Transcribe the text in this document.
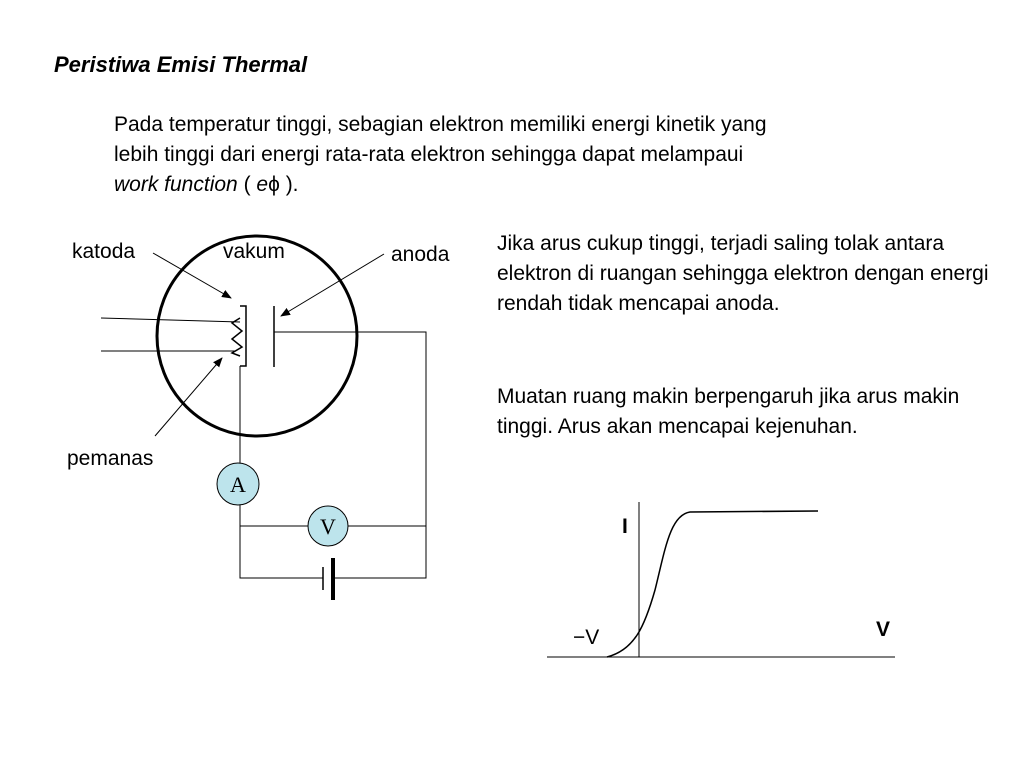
Peristiwa Emisi Thermal

Pada temperatur tinggi, sebagian elektron memiliki energi kinetik yang
lebih tinggi dari energi rata-rata elektron sehingga dapat melampaui
work function ( eϕ ).

Jika arus cukup tinggi, terjadi saling tolak antara elektron di ruangan sehingga elektron dengan energi rendah tidak mencapai anoda.

Muatan ruang makin berpengaruh jika arus makin tinggi. Arus akan mencapai kejenuhan.

katoda	vakum	anoda
pemanas
A
V	I
V
−V
